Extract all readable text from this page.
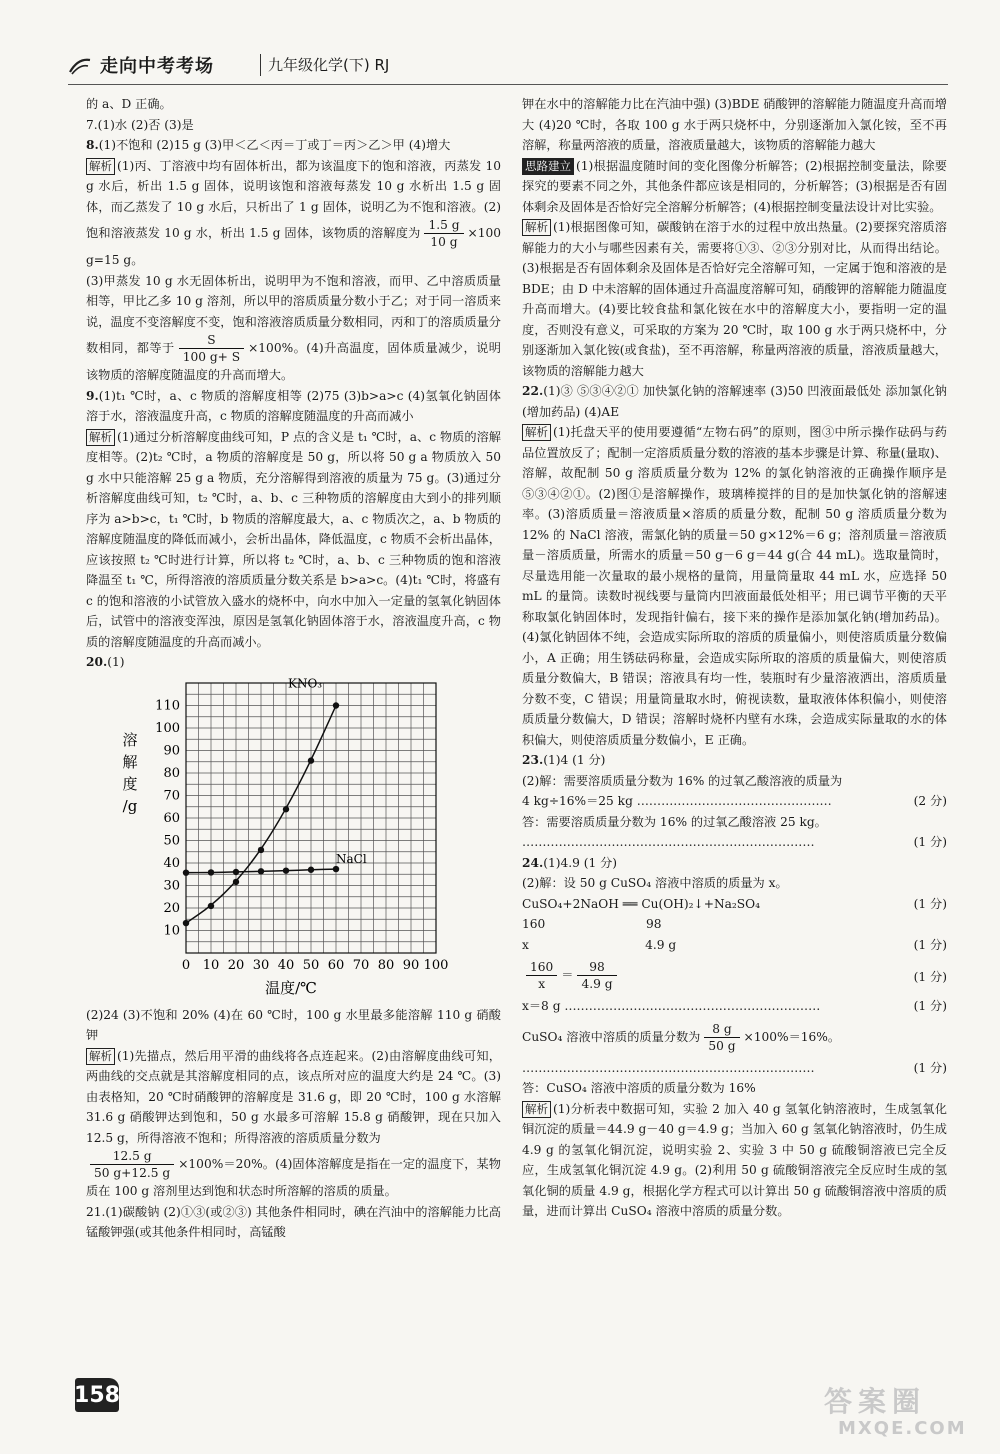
走向中考考场	九年级化学(下) RJ

的 a、D 正确。

7.(1)水 (2)否 (3)是

8.(1)不饱和 (2)15 g (3)甲＜乙＜丙＝丁或丁＝丙＞乙＞甲 (4)增大

解析 (1)丙、丁溶液中均有固体析出，都为该温度下的饱和溶液，丙蒸发 10 g 水后，析出 1.5 g 固体，说明该饱和溶液每蒸发 10 g 水析出 1.5 g 固体，而乙蒸发了 10 g 水后，只析出了 1 g 固体，说明乙为不饱和溶液。(2)饱和溶液蒸发 10 g 水，析出 1.5 g 固体，该物质的溶解度为 $\frac{1.5 g}{10 g} \times 100$ g=15 g。

(3)甲蒸发 10 g 水无固体析出，说明甲为不饱和溶液，而甲、乙中溶质质量相等，甲比乙多 10 g 溶剂，所以甲的溶质质量分数小于乙；对于同一溶质来说，温度不变溶解度不变，饱和溶液溶质质量分数相同，丙和丁的溶质质量分数相同，都等于 $\frac{S}{100 g+ S} \times 100\%$。(4)升高温度，固体质量减少，说明该物质的溶解度随温度的升高而增大。

9.(1)t₁ ℃时，a、c 物质的溶解度相等 (2)75 (3)b>a>c (4)氢氧化钠固体溶于水，溶液温度升高，c 物质的溶解度随温度的升高而减小

解析 (1)通过分析溶解度曲线可知，P 点的含义是 t₁ ℃时，a、c 物质的溶解度相等。(2)t₂ ℃时，a 物质的溶解度是 50 g，所以将 50 g a 物质放入 50 g 水中只能溶解 25 g a 物质，充分溶解得到溶液的质量为 75 g。(3)通过分析溶解度曲线可知，t₂ ℃时，a、b、c 三种物质的溶解度由大到小的排列顺序为 a>b>c，t₁ ℃时，b 物质的溶解度最大，a、c 物质次之，a、b 物质的溶解度随温度的降低而减小，会析出晶体，降低温度，c 物质不会析出晶体，应该按照 t₂ ℃时进行计算，所以将 t₂ ℃时，a、b、c 三种物质的饱和溶液降温至 t₁ ℃，所得溶液的溶质质量分数关系是 b>a>c。(4)t₁ ℃时，将盛有 c 的饱和溶液的小试管放入盛水的烧杯中，向水中加入一定量的氢氧化钠固体后，试管中的溶液变浑浊，原因是氢氧化钠固体溶于水，溶液温度升高，c 物质的溶解度随温度的升高而减小。

20.(1)

0 10 20 30 40 50 60 70 80 90 100
10
20
30
40
50
60
70
80
90
100
110
溶
解
度
/g
温度/℃
KNO₃
NaCl

(2)24 (3)不饱和 20% (4)在 60 ℃时，100 g 水里最多能溶解 110 g 硝酸钾

解析 (1)先描点，然后用平滑的曲线将各点连起来。(2)由溶解度曲线可知，两曲线的交点就是其溶解度相同的点，该点所对应的温度大约是 24 ℃。(3)由表格知，20 ℃时硝酸钾的溶解度是 31.6 g，即 20 ℃时，100 g 水溶解 31.6 g 硝酸钾达到饱和，50 g 水最多可溶解 15.8 g 硝酸钾，现在只加入 12.5 g，所得溶液不饱和；所得溶液的溶质质量分数为

$\frac{12.5 g}{50 g+12.5 g} \times 100\%=20\%$。(4)固体溶解度是指在一定的温度下，某物质在 100 g 溶剂里达到饱和状态时所溶解的溶质的质量。

21.(1)碳酸钠 (2)①③(或②③) 其他条件相同时，碘在汽油中的溶解能力比高锰酸钾强(或其他条件相同时，高锰酸

钾在水中的溶解能力比在汽油中强) (3)BDE 硝酸钾的溶解能力随温度升高而增大 (4)20 ℃时，各取 100 g 水于两只烧杯中，分别逐渐加入氯化铵，至不再溶解，称量两溶液的质量，溶液质量越大，该物质的溶解能力越大

思路建立 (1)根据温度随时间的变化图像分析解答；(2)根据控制变量法，除要探究的要素不同之外，其他条件都应该是相同的，分析解答；(3)根据是否有固体剩余及固体是否恰好完全溶解分析解答；(4)根据控制变量法设计对比实验。

解析 (1)根据图像可知，碳酸钠在溶于水的过程中放出热量。(2)要探究溶质溶解能力的大小与哪些因素有关，需要将①③、②③分别对比，从而得出结论。(3)根据是否有固体剩余及固体是否恰好完全溶解可知，一定属于饱和溶液的是 BDE；由 D 中未溶解的固体通过升高温度溶解可知，硝酸钾的溶解能力随温度升高而增大。(4)要比较食盐和氯化铵在水中的溶解度大小，要指明一定的温度，否则没有意义，可采取的方案为 20 ℃时，取 100 g 水于两只烧杯中，分别逐渐加入氯化铵(或食盐)，至不再溶解，称量两溶液的质量，溶液质量越大，该物质的溶解能力越大

22.(1)③ ⑤③④②① 加快氯化钠的溶解速率 (3)50 凹液面最低处 添加氯化钠(增加药品) (4)AE

解析 (1)托盘天平的使用要遵循“左物右码”的原则，图③中所示操作砝码与药品位置放反了；配制一定溶质质量分数的溶液的基本步骤是计算、称量(量取)、溶解，故配制 50 g 溶质质量分数为 12% 的氯化钠溶液的正确操作顺序是⑤③④②①。(2)图①是溶解操作，玻璃棒搅拌的目的是加快氯化钠的溶解速率。(3)溶质质量＝溶液质量×溶质的质量分数，配制 50 g 溶质质量分数为 12% 的 NaCl 溶液，需氯化钠的质量＝50 g×12%＝6 g；溶剂质量＝溶液质量－溶质质量，所需水的质量＝50 g－6 g＝44 g(合 44 mL)。选取量筒时，尽量选用能一次量取的最小规格的量筒，用量筒量取 44 mL 水，应选择 50 mL 的量筒。读数时视线要与量筒内凹液面最低处相平；用已调节平衡的天平称取氯化钠固体时，发现指针偏右，接下来的操作是添加氯化钠(增加药品)。(4)氯化钠固体不纯，会造成实际所取的溶质的质量偏小，则使溶质质量分数偏小，A 正确；用生锈砝码称量，会造成实际所取的溶质的质量偏大，则使溶质质量分数偏大，B 错误；溶液具有均一性，装瓶时有少量溶液洒出，溶质质量分数不变，C 错误；用量筒量取水时，俯视读数，量取液体体积偏小，则使溶质质量分数偏大，D 错误；溶解时烧杯内壁有水珠，会造成实际量取的水的体积偏大，则使溶质质量分数偏小，E 正确。

23.(1)4 (1 分)

(2)解：需要溶质质量分数为 16% 的过氧乙酸溶液的质量为

4 kg÷16%＝25 kg …………………………………………	(2 分)

答：需要溶质质量分数为 16% 的过氧乙酸溶液 25 kg。

………………………………………………………………	(1 分)

24.(1)4.9 (1 分)

(2)解：设 50 g CuSO₄ 溶液中溶质的质量为 x。

CuSO₄+2NaOH ══ Cu(OH)₂↓+Na₂SO₄	(1 分)

160                          98

x                              4.9 g	(1 分)

$\frac{160}{x} = \frac{98}{4.9 g}$	(1 分)

x＝8 g ………………………………………………………	(1 分)

CuSO₄ 溶液中溶质的质量分数为 $\frac{8 g}{50 g} \times 100\%=16\%$。

………………………………………………………………	(1 分)

答：CuSO₄ 溶液中溶质的质量分数为 16%

解析 (1)分析表中数据可知，实验 2 加入 40 g 氢氧化钠溶液时，生成氢氧化铜沉淀的质量＝44.9 g－40 g＝4.9 g；当加入 60 g 氢氧化钠溶液时，仍生成 4.9 g 的氢氧化铜沉淀，说明实验 2、实验 3 中 50 g 硫酸铜溶液已完全反应，生成氢氧化铜沉淀 4.9 g。(2)利用 50 g 硫酸铜溶液完全反应时生成的氢氧化铜的质量 4.9 g，根据化学方程式可以计算出 50 g 硫酸铜溶液中溶质的质量，进而计算出 CuSO₄ 溶液中溶质的质量分数。

158	答案圈
MXQE.COM
